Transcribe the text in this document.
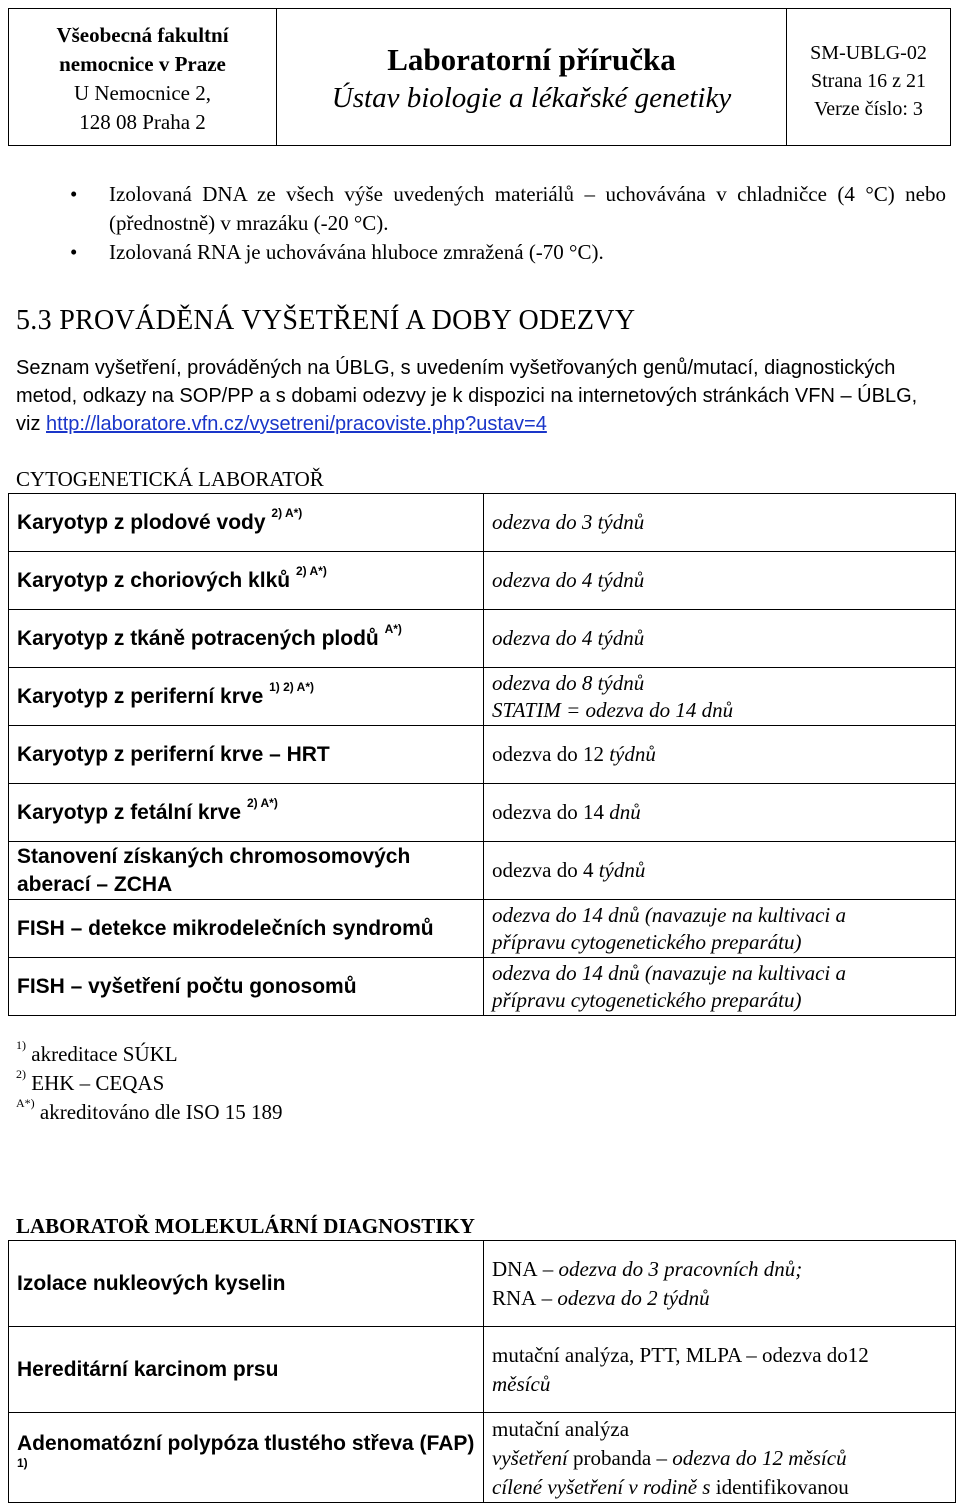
Všeobecná fakultní
nemocnice v Praze
U Nemocnice 2,
128 08 Praha 2
Laboratorní příručka
Ústav biologie a lékařské genetiky
SM-UBLG-02
Strana 16 z 21
Verze číslo: 3
•	Izolovaná DNA ze všech výše uvedených materiálů – uchovávána v chladničce (4 °C) nebo (přednostně) v mrazáku (-20 °C).
•	Izolovaná RNA je uchovávána hluboce zmražená (-70 °C).
5.3 PROVÁDĚNÁ VYŠETŘENÍ A DOBY ODEZVY
Seznam vyšetření, prováděných na ÚBLG, s uvedením vyšetřovaných genů/mutací, diagnostických metod, odkazy na SOP/PP a s dobami odezvy je k dispozici na internetových stránkách VFN – ÚBLG, viz http://laboratore.vfn.cz/vysetreni/pracoviste.php?ustav=4
CYTOGENETICKÁ LABORATOŘ
Karyotyp z plodové vody $^{2) A*)}$	odezva do 3 týdnů
Karyotyp z choriových klků $^{2) A*)}$	odezva do 4 týdnů
Karyotyp z tkáně potracených plodů $^{A*)}$	odezva do 4 týdnů
Karyotyp z periferní krve $^{1) 2) A*)}$	odezva do 8 týdnů
STATIM = odezva do 14 dnů

Karyotyp z periferní krve – HRT	odezva do 12 týdnů
Karyotyp z fetální krve $^{2) A*)}$	odezva do 14 dnů
Stanovení získaných chromosomových aberací – ZCHA	odezva do 4 týdnů
FISH – detekce mikrodelečních syndromů	odezva do 14 dnů (navazuje na kultivaci a
přípravu cytogenetického preparátu)

FISH – vyšetření počtu gonosomů	odezva do 14 dnů (navazuje na kultivaci a
přípravu cytogenetického preparátu)
$^{1)}$ akreditace SÚKL
$^{2)}$ EHK – CEQAS
$^{A*)}$ akreditováno dle ISO 15 189
LABORATOŘ MOLEKULÁRNÍ DIAGNOSTIKY
Izolace nukleových kyselin	DNA – odezva do 3 pracovních dnů;
RNA – odezva do 2 týdnů

Hereditární karcinom prsu	mutační analýza, PTT, MLPA – odezva do12
měsíců

Adenomatózní polypóza tlustého střeva (FAP) $^{1)}$	mutační analýza
vyšetření probanda – odezva do 12 měsíců
cílené vyšetření v rodině s identifikovanou
